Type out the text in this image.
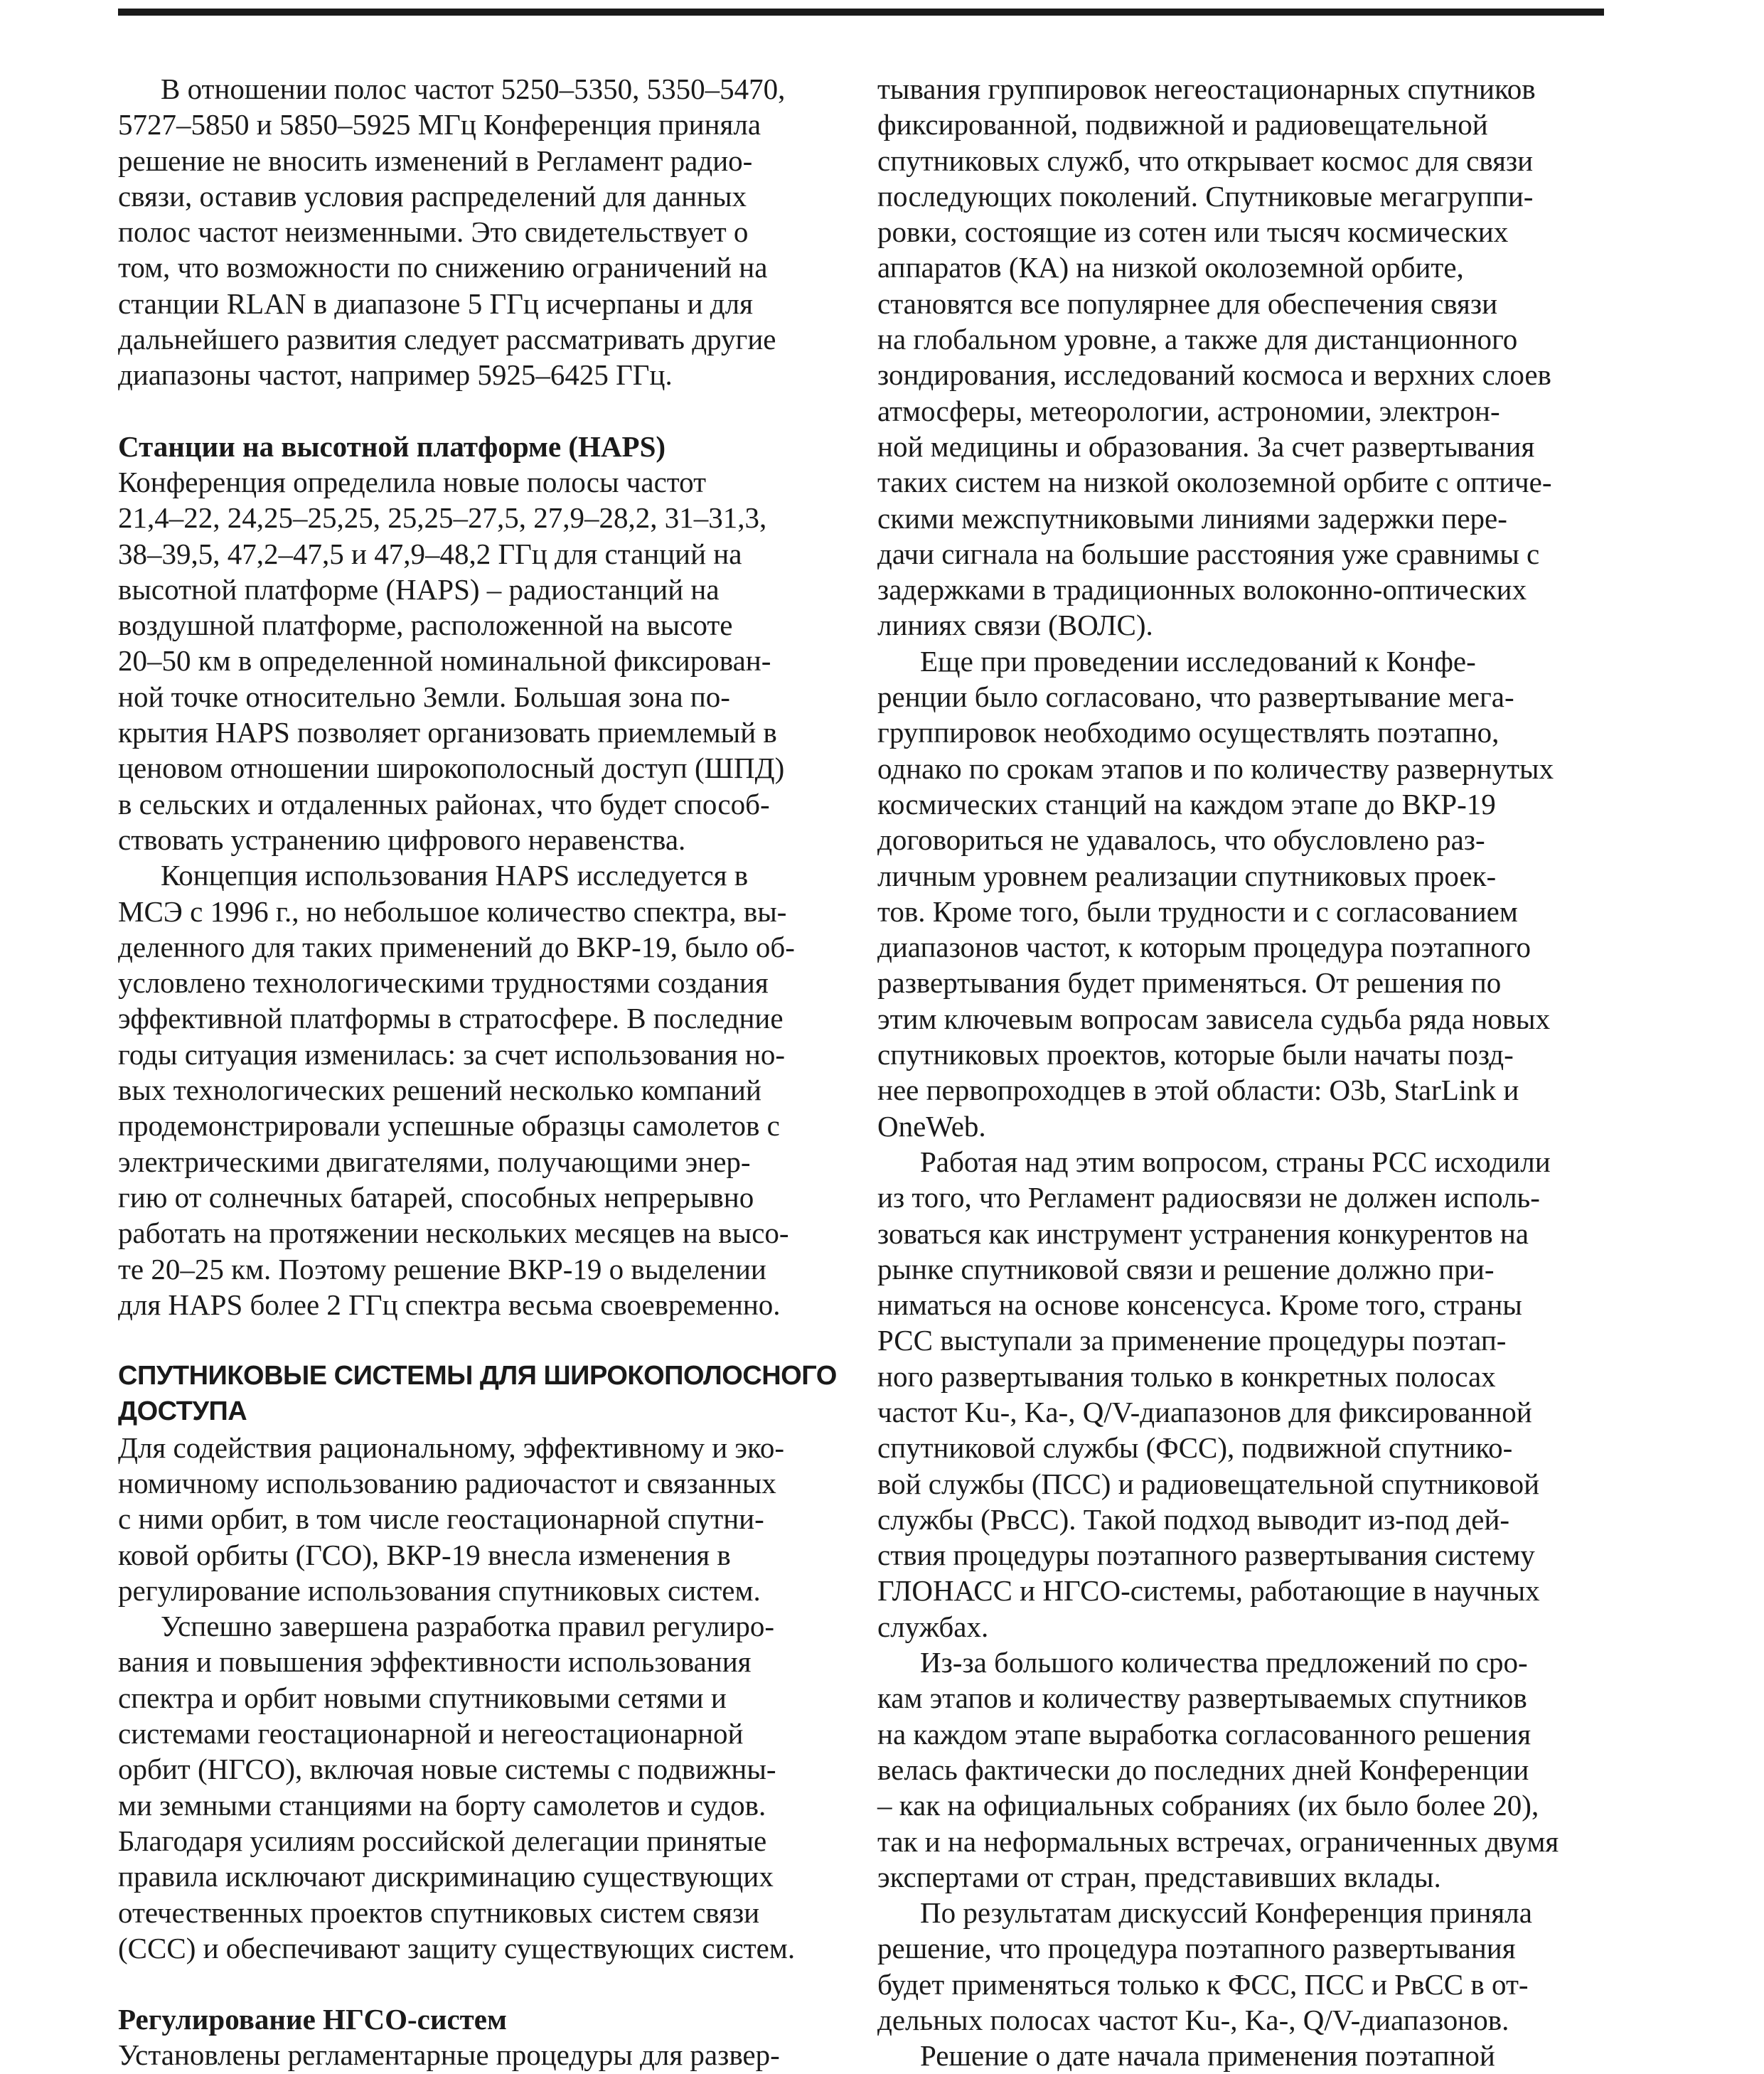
В отношении полос частот 5250–5350, 5350–5470,
5727–5850 и 5850–5925 МГц Конференция приняла
решение не вносить изменений в Регламент радио-
связи, оставив условия распределений для данных
полос частот неизменными. Это свидетельствует о
том, что возможности по снижению ограничений на
станции RLAN в диапазоне 5 ГГц исчерпаны и для
дальнейшего развития следует рассматривать другие
диапазоны частот, например 5925–6425 ГГц.
Станции на высотной платформе (HAPS)
Конференция определила новые полосы частот
21,4–22, 24,25–25,25, 25,25–27,5, 27,9–28,2, 31–31,3,
38–39,5, 47,2–47,5 и 47,9–48,2 ГГц для станций на
высотной платформе (HAPS) – радиостанций на
воздушной платформе, расположенной на высоте
20–50 км в определенной номинальной фиксирован-
ной точке относительно Земли. Большая зона по-
крытия HAPS позволяет организовать приемлемый в
ценовом отношении широкополосный доступ (ШПД)
в сельских и отдаленных районах, что будет способ-
ствовать устранению цифрового неравенства.
Концепция использования HAPS исследуется в
МСЭ с 1996 г., но небольшое количество спектра, вы-
деленного для таких применений до ВКР-19, было об-
условлено технологическими трудностями создания
эффективной платформы в стратосфере. В последние
годы ситуация изменилась: за счет использования но-
вых технологических решений несколько компаний
продемонстрировали успешные образцы самолетов с
электрическими двигателями, получающими энер-
гию от солнечных батарей, способных непрерывно
работать на протяжении нескольких месяцев на высо-
те 20–25 км. Поэтому решение ВКР-19 о выделении
для HAPS более 2 ГГц спектра весьма своевременно.
СПУТНИКОВЫЕ СИСТЕМЫ ДЛЯ ШИРОКОПОЛОСНОГО
ДОСТУПА
Для содействия рациональному, эффективному и эко-
номичному использованию радиочастот и связанных
с ними орбит, в том числе геостационарной спутни-
ковой орбиты (ГСО), ВКР-19 внесла изменения в
регулирование использования спутниковых систем.
Успешно завершена разработка правил регулиро-
вания и повышения эффективности использования
спектра и орбит новыми спутниковыми сетями и
системами геостационарной и негеостационарной
орбит (НГСО), включая новые системы с подвижны-
ми земными станциями на борту самолетов и судов.
Благодаря усилиям российской делегации принятые
правила исключают дискриминацию существующих
отечественных проектов спутниковых систем связи
(ССС) и обеспечивают защиту существующих систем.
Регулирование НГСО-систем
Установлены регламентарные процедуры для развер-
тывания группировок негеостационарных спутников
фиксированной, подвижной и радиовещательной
спутниковых служб, что открывает космос для связи
последующих поколений. Спутниковые мегагруппи-
ровки, состоящие из сотен или тысяч космических
аппаратов (КА) на низкой околоземной орбите,
становятся все популярнее для обеспечения связи
на глобальном уровне, а также для дистанционного
зондирования, исследований космоса и верхних слоев
атмосферы, метеорологии, астрономии, электрон-
ной медицины и образования. За счет развертывания
таких систем на низкой околоземной орбите с оптиче-
скими межспутниковыми линиями задержки пере-
дачи сигнала на большие расстояния уже сравнимы с
задержками в традиционных волоконно-оптических
линиях связи (ВОЛС).
Еще при проведении исследований к Конфе-
ренции было согласовано, что развертывание мега-
группировок необходимо осуществлять поэтапно,
однако по срокам этапов и по количеству развернутых
космических станций на каждом этапе до ВКР-19
договориться не удавалось, что обусловлено раз-
личным уровнем реализации спутниковых проек-
тов. Кроме того, были трудности и с согласованием
диапазонов частот, к которым процедура поэтапного
развертывания будет применяться. От решения по
этим ключевым вопросам зависела судьба ряда новых
спутниковых проектов, которые были начаты позд-
нее первопроходцев в этой области: O3b, StarLink и
OneWeb.
Работая над этим вопросом, страны РСС исходили
из того, что Регламент радиосвязи не должен исполь-
зоваться как инструмент устранения конкурентов на
рынке спутниковой связи и решение должно при-
ниматься на основе консенсуса. Кроме того, страны
РСС выступали за применение процедуры поэтап-
ного развертывания только в конкретных полосах
частот Ku-, Ka-, Q/V-диапазонов для фиксированной
спутниковой службы (ФСС), подвижной спутнико-
вой службы (ПСС) и радиовещательной спутниковой
службы (РвСС). Такой подход выводит из-под дей-
ствия процедуры поэтапного развертывания систему
ГЛОНАСС и НГСО-системы, работающие в научных
службах.
Из-за большого количества предложений по сро-
кам этапов и количеству развертываемых спутников
на каждом этапе выработка согласованного решения
велась фактически до последних дней Конференции
– как на официальных собраниях (их было более 20),
так и на неформальных встречах, ограниченных двумя
экспертами от стран, представивших вклады.
По результатам дискуссий Конференция приняла
решение, что процедура поэтапного развертывания
будет применяться только к ФСС, ПСС и РвСС в от-
дельных полосах частот Ku-, Ka-, Q/V-диапазонов.
Решение о дате начала применения поэтапной
